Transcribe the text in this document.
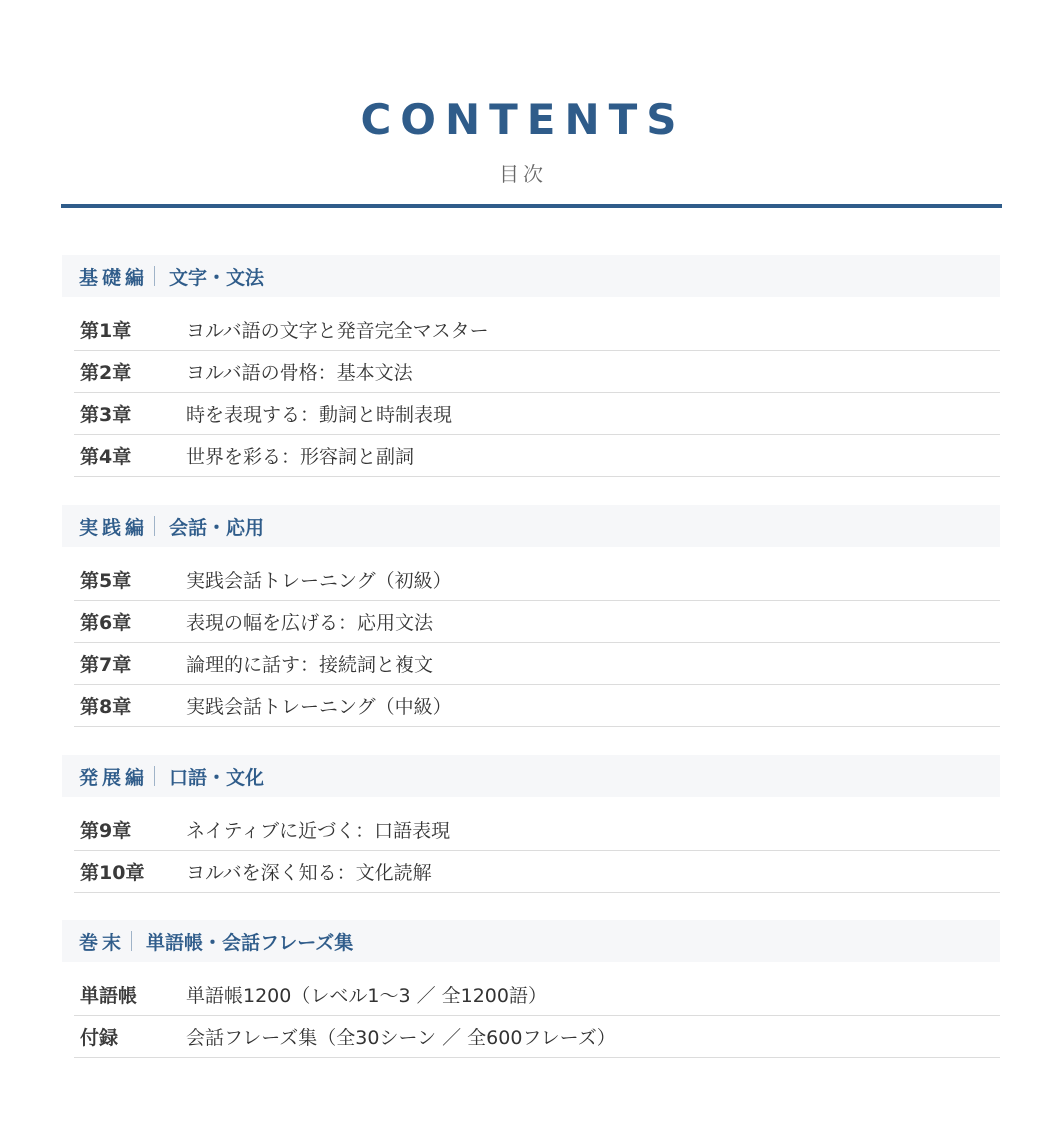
CONTENTS
目次
基礎編 文字・文法
第1章	ヨルバ語の文字と発音完全マスター
第2章	ヨルバ語の骨格：基本文法
第3章	時を表現する：動詞と時制表現
第4章	世界を彩る：形容詞と副詞
実践編 会話・応用
第5章	実践会話トレーニング（初級）
第6章	表現の幅を広げる：応用文法
第7章	論理的に話す：接続詞と複文
第8章	実践会話トレーニング（中級）
発展編 口語・文化
第9章	ネイティブに近づく：口語表現
第10章	ヨルバを深く知る：文化読解
巻末 単語帳・会話フレーズ集
単語帳	単語帳1200（レベル1〜3 ／ 全1200語）
付録	会話フレーズ集（全30シーン ／ 全600フレーズ）
